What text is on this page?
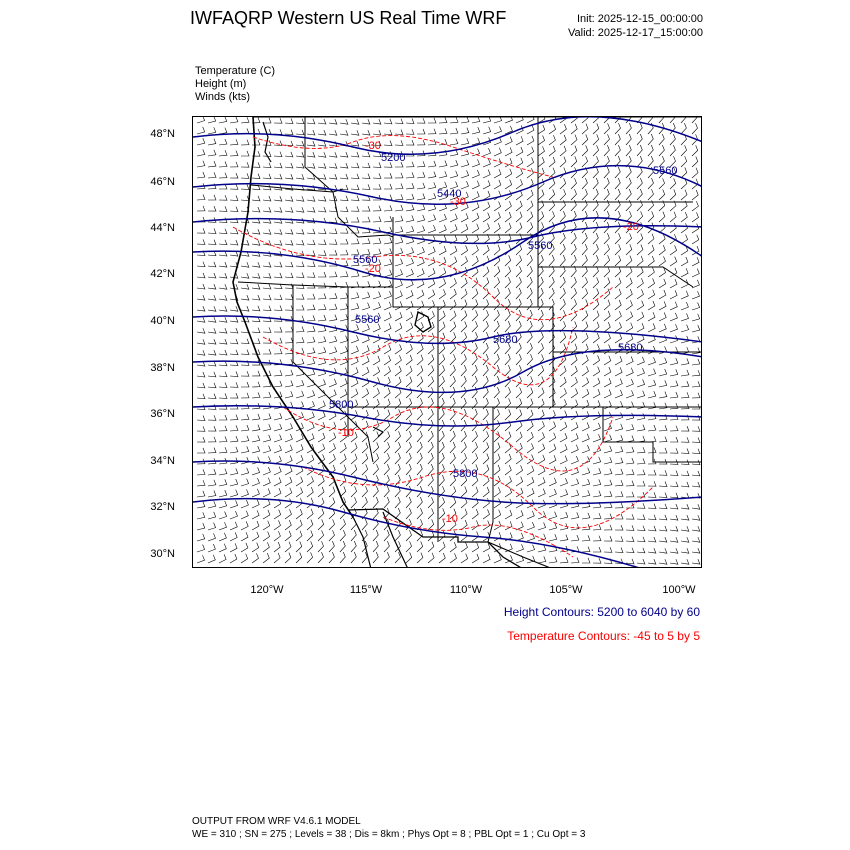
IWFAQRP Western US Real Time WRF	Init: 2025-12-15_00:00:00
Valid: 2025-12-17_15:00:00
Temperature (C)
Height (m)
Winds (kts)
48°N
46°N
44°N
42°N
40°N
38°N
36°N
34°N
32°N
30°N
120°W	115°W	110°W	105°W	100°W
5200
5440
5560
5560
5560
5680
5680
5800
5800
5560
-30
-30
-20
-20
-10
-10
Height Contours: 5200 to 6040 by 60
Temperature Contours: -45 to 5 by 5
OUTPUT FROM WRF V4.6.1 MODEL
WE = 310 ; SN = 275 ; Levels = 38 ; Dis = 8km ; Phys Opt = 8 ; PBL Opt = 1 ; Cu Opt = 3
